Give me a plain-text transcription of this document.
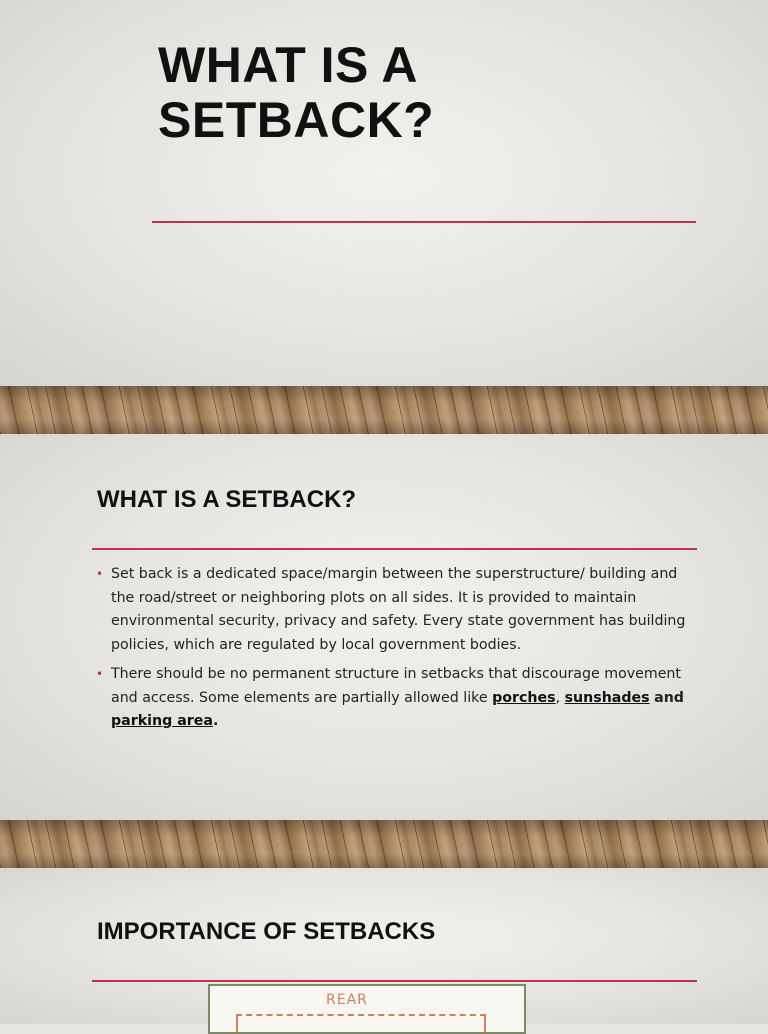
WHAT IS A
SETBACK?
WHAT IS A SETBACK?
• Set back is a dedicated space/margin between the superstructure/ building and the road/street or neighboring plots on all sides. It is provided to maintain environmental security, privacy and safety. Every state government has building policies, which are regulated by local government bodies.
• There should be no permanent structure in setbacks that discourage movement and access. Some elements are partially allowed like porches, sunshades and parking area.
IMPORTANCE OF SETBACKS
REAR
